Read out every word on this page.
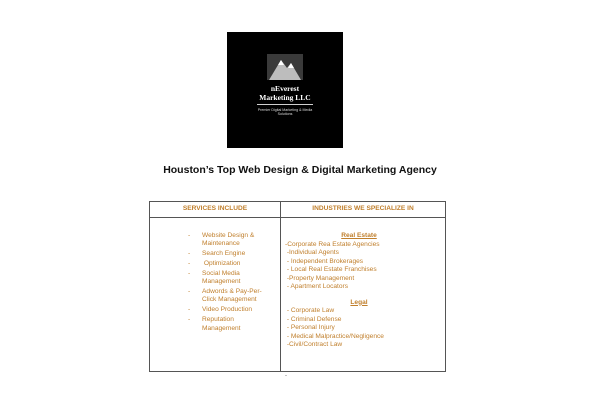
nEverest
Marketing LLC
Premier Digital Marketing & Media Solutions
Houston’s Top Web Design & Digital Marketing Agency
SERVICES INCLUDE	INDUSTRIES WE SPECIALIZE IN
- Website Design & Maintenance
- Search Engine
- Optimization
- Social Media Management
- Adwords & Pay-Per-Click Management
- Video Production
- Reputation Management
Real Estate
-Corporate Rea Estate Agencies
-Individual Agents
- Independent Brokerages
- Local Real Estate Franchises
-Property Management
- Apartment Locators
Legal
- Corporate Law
- Criminal Defense
- Personal Injury
- Medical Malpractice/Negligence
-Civil/Contract Law
-
